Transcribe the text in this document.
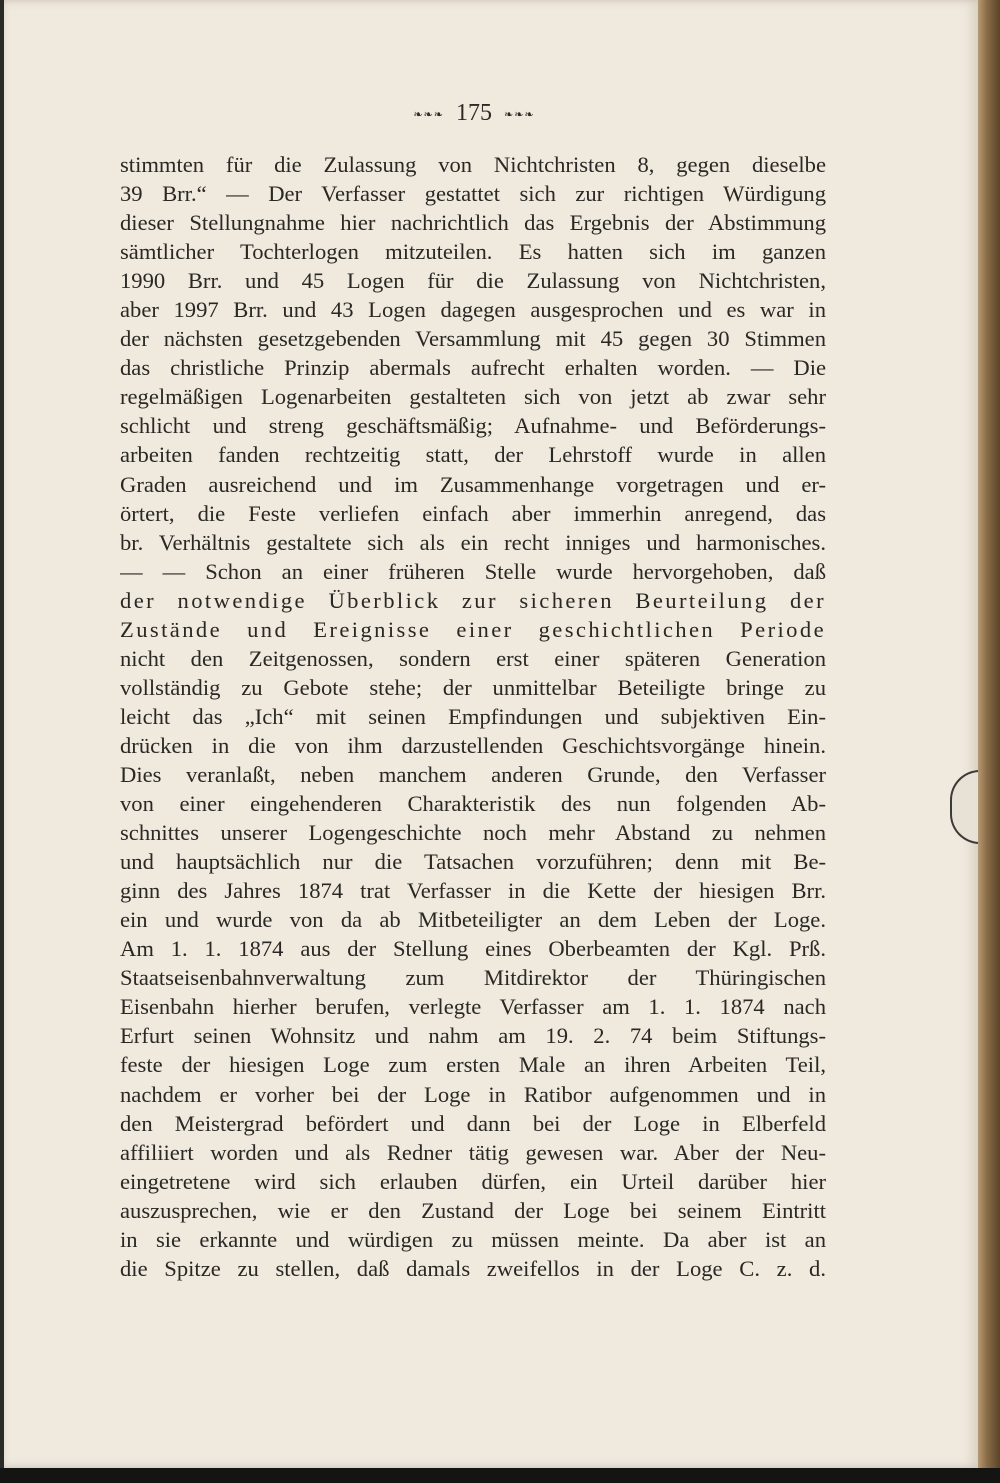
❧❧❧ 175 ❧❧❧
stimmten für die Zulassung von Nichtchristen 8, gegen dieselbe
39 Brr.“ — Der Verfasser gestattet sich zur richtigen Würdigung
dieser Stellungnahme hier nachrichtlich das Ergebnis der Abstimmung
sämtlicher Tochterlogen mitzuteilen. Es hatten sich im ganzen
1990 Brr. und 45 Logen für die Zulassung von Nichtchristen,
aber 1997 Brr. und 43 Logen dagegen ausgesprochen und es war in
der nächsten gesetzgebenden Versammlung mit 45 gegen 30 Stimmen
das christliche Prinzip abermals aufrecht erhalten worden. — Die
regelmäßigen Logenarbeiten gestalteten sich von jetzt ab zwar sehr
schlicht und streng geschäftsmäßig; Aufnahme- und Beförderungs-
arbeiten fanden rechtzeitig statt, der Lehrstoff wurde in allen
Graden ausreichend und im Zusammenhange vorgetragen und er-
örtert, die Feste verliefen einfach aber immerhin anregend, das
br. Verhältnis gestaltete sich als ein recht inniges und harmonisches.
— — Schon an einer früheren Stelle wurde hervorgehoben, daß
der notwendige Überblick zur sicheren Beurteilung der
Zustände und Ereignisse einer geschichtlichen Periode
nicht den Zeitgenossen, sondern erst einer späteren Generation
vollständig zu Gebote stehe; der unmittelbar Beteiligte bringe zu
leicht das „Ich“ mit seinen Empfindungen und subjektiven Ein-
drücken in die von ihm darzustellenden Geschichtsvorgänge hinein.
Dies veranlaßt, neben manchem anderen Grunde, den Verfasser
von einer eingehenderen Charakteristik des nun folgenden Ab-
schnittes unserer Logengeschichte noch mehr Abstand zu nehmen
und hauptsächlich nur die Tatsachen vorzuführen; denn mit Be-
ginn des Jahres 1874 trat Verfasser in die Kette der hiesigen Brr.
ein und wurde von da ab Mitbeteiligter an dem Leben der Loge.
Am 1. 1. 1874 aus der Stellung eines Oberbeamten der Kgl. Prß.
Staatseisenbahnverwaltung zum Mitdirektor der Thüringischen
Eisenbahn hierher berufen, verlegte Verfasser am 1. 1. 1874 nach
Erfurt seinen Wohnsitz und nahm am 19. 2. 74 beim Stiftungs-
feste der hiesigen Loge zum ersten Male an ihren Arbeiten Teil,
nachdem er vorher bei der Loge in Ratibor aufgenommen und in
den Meistergrad befördert und dann bei der Loge in Elberfeld
affiliiert worden und als Redner tätig gewesen war. Aber der Neu-
eingetretene wird sich erlauben dürfen, ein Urteil darüber hier
auszusprechen, wie er den Zustand der Loge bei seinem Eintritt
in sie erkannte und würdigen zu müssen meinte. Da aber ist an
die Spitze zu stellen, daß damals zweifellos in der Loge C. z. d.
